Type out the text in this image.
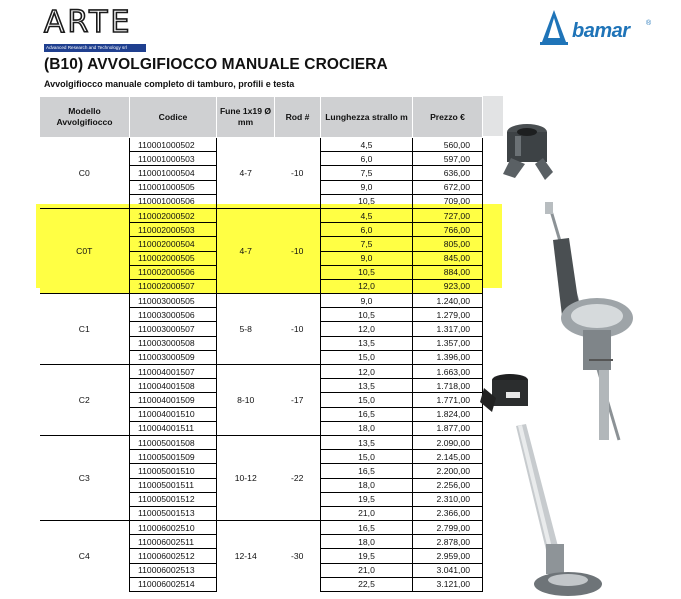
ARTE
Advanced Research and Technology srl
bamar ®
(B10) AVVOLGIFIOCCO MANUALE CROCIERA
Avvolgifiocco manuale completo di tamburo, profili e testa
Modello Avvolgifiocco	Codice	Fune 1x19 Ø mm	Rod #	Lunghezza strallo m	Prezzo €
C0	110001000502	4-7	-10	4,5	560,00
	110001000503			6,0	597,00
	110001000504			7,5	636,00
	110001000505			9,0	672,00
	110001000506			10,5	709,00
C0T	110002000502	4-7	-10	4,5	727,00
	110002000503			6,0	766,00
	110002000504			7,5	805,00
	110002000505			9,0	845,00
	110002000506			10,5	884,00
	110002000507			12,0	923,00
C1	110003000505	5-8	-10	9,0	1.240,00
	110003000506			10,5	1.279,00
	110003000507			12,0	1.317,00
	110003000508			13,5	1.357,00
	110003000509			15,0	1.396,00
C2	110004001507	8-10	-17	12,0	1.663,00
	110004001508			13,5	1.718,00
	110004001509			15,0	1.771,00
	110004001510			16,5	1.824,00
	110004001511			18,0	1.877,00
C3	110005001508	10-12	-22	13,5	2.090,00
	110005001509			15,0	2.145,00
	110005001510			16,5	2.200,00
	110005001511			18,0	2.256,00
	110005001512			19,5	2.310,00
	110005001513			21,0	2.366,00
C4	110006002510	12-14	-30	16,5	2.799,00
	110006002511			18,0	2.878,00
	110006002512			19,5	2.959,00
	110006002513			21,0	3.041,00
	110006002514			22,5	3.121,00
